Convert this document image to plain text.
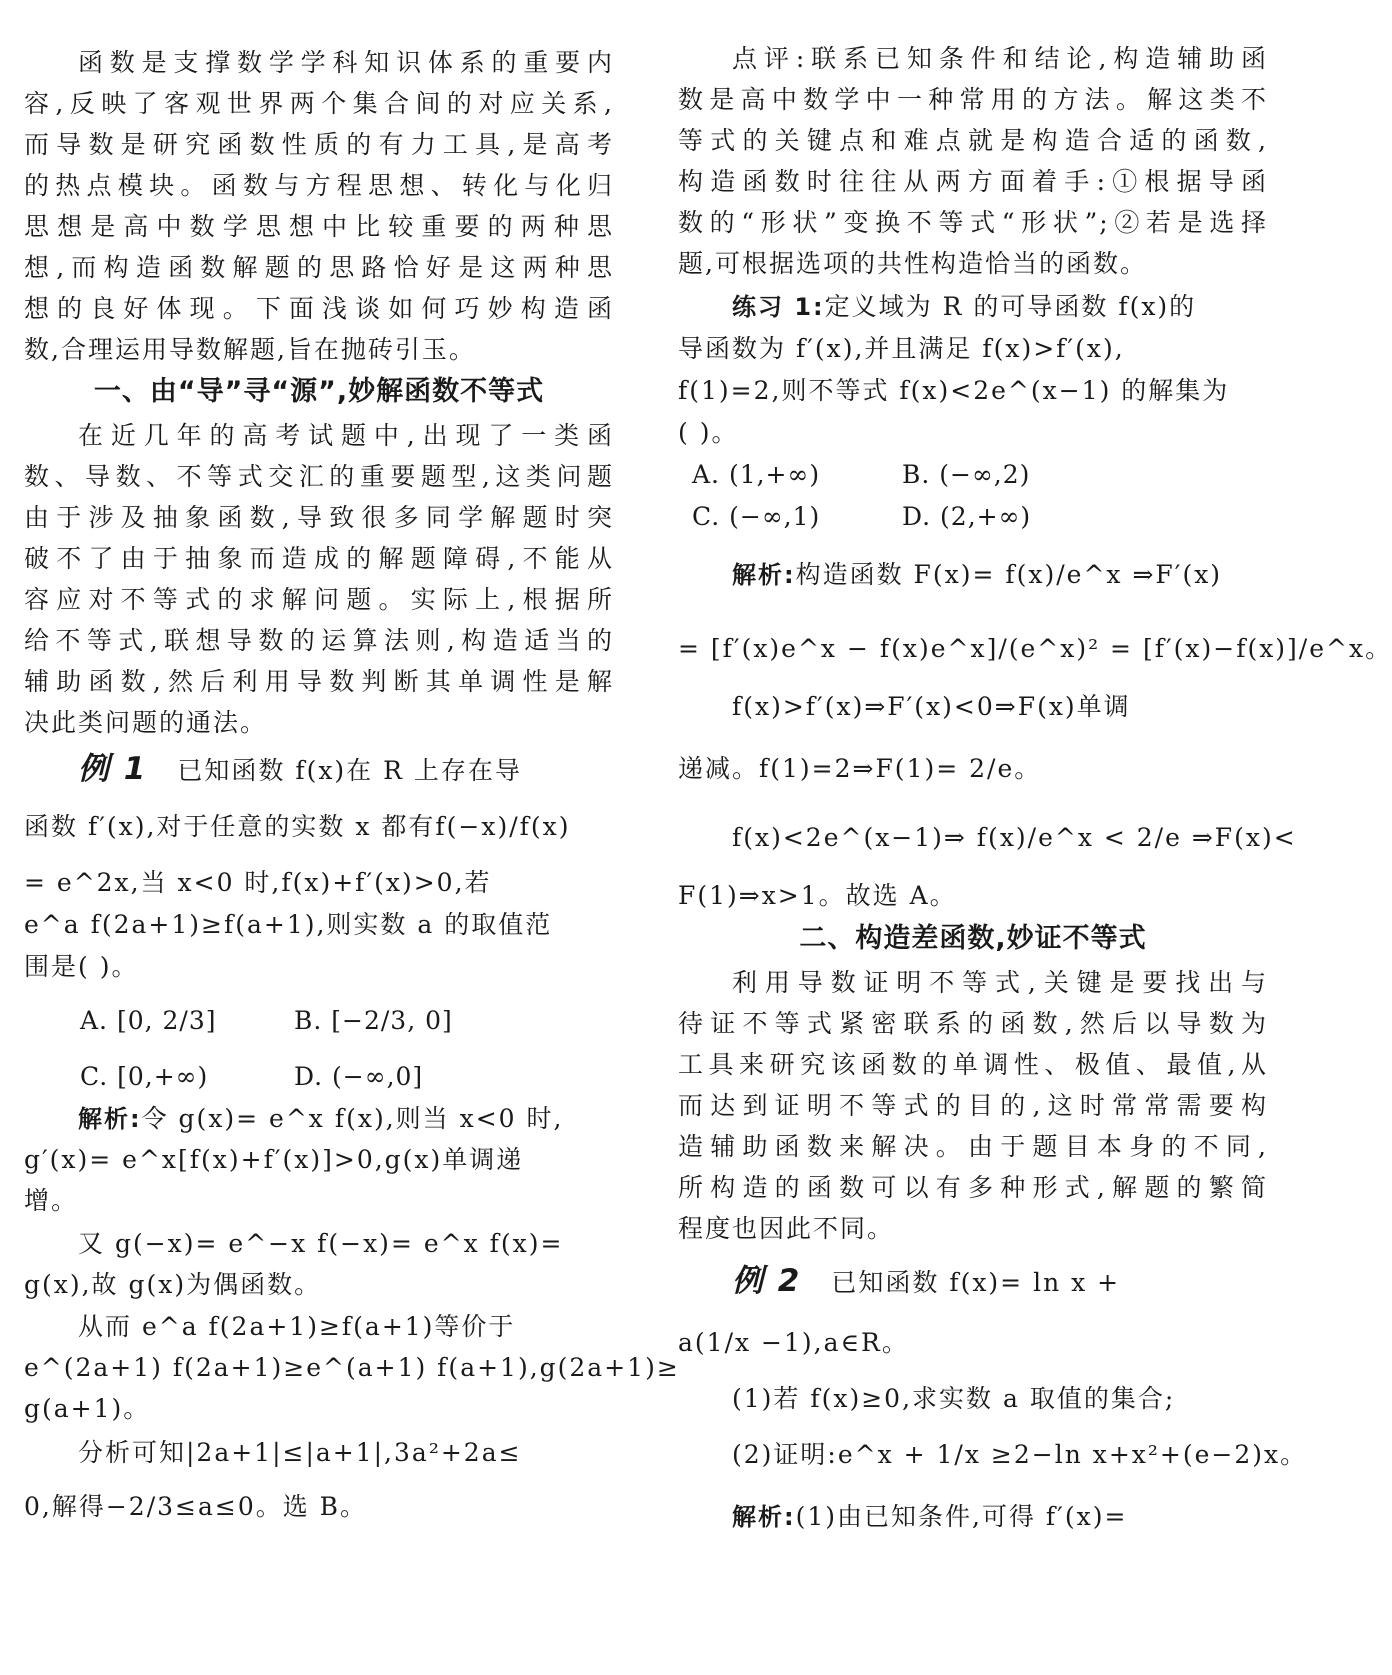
函数是支撑数学学科知识体系的重要内
容,反映了客观世界两个集合间的对应关系,
而导数是研究函数性质的有力工具,是高考
的热点模块。函数与方程思想、转化与化归
思想是高中数学思想中比较重要的两种思
想,而构造函数解题的思路恰好是这两种思
想的良好体现。下面浅谈如何巧妙构造函
数,合理运用导数解题,旨在抛砖引玉。
一、由“导”寻“源”,妙解函数不等式
在近几年的高考试题中,出现了一类函
数、导数、不等式交汇的重要题型,这类问题
由于涉及抽象函数,导致很多同学解题时突
破不了由于抽象而造成的解题障碍,不能从
容应对不等式的求解问题。实际上,根据所
给不等式,联想导数的运算法则,构造适当的
辅助函数,然后利用导数判断其单调性是解
决此类问题的通法。
例 1 已知函数 f(x)在 R 上存在导
函数 f′(x),对于任意的实数 x 都有f(−x)/f(x)
= e^2x,当 x<0 时,f(x)+f′(x)>0,若
e^a f(2a+1)≥f(a+1),则实数 a 的取值范
围是( )。
A. [0, 2/3]	B. [−2/3, 0]
C. [0,+∞)	D. (−∞,0]
解析:令 g(x)= e^x f(x),则当 x<0 时,
g′(x)= e^x[f(x)+f′(x)]>0,g(x)单调递
增。
又 g(−x)= e^−x f(−x)= e^x f(x)=
g(x),故 g(x)为偶函数。
从而 e^a f(2a+1)≥f(a+1)等价于
e^(2a+1) f(2a+1)≥e^(a+1) f(a+1),g(2a+1)≥
g(a+1)。
分析可知|2a+1|≤|a+1|,3a²+2a≤
0,解得−2/3≤a≤0。选 B。
点评:联系已知条件和结论,构造辅助函
数是高中数学中一种常用的方法。解这类不
等式的关键点和难点就是构造合适的函数,
构造函数时往往从两方面着手:①根据导函
数的“形状”变换不等式“形状”;②若是选择
题,可根据选项的共性构造恰当的函数。
练习 1:定义域为 R 的可导函数 f(x)的
导函数为 f′(x),并且满足 f(x)>f′(x),
f(1)=2,则不等式 f(x)<2e^(x−1) 的解集为
( )。
A. (1,+∞)	B. (−∞,2)
C. (−∞,1)	D. (2,+∞)
解析:构造函数 F(x)= f(x)/e^x ⇒F′(x)
= [f′(x)e^x − f(x)e^x]/(e^x)² = [f′(x)−f(x)]/e^x。
f(x)>f′(x)⇒F′(x)<0⇒F(x)单调
递减。f(1)=2⇒F(1)= 2/e。
f(x)<2e^(x−1)⇒ f(x)/e^x < 2/e ⇒F(x)<
F(1)⇒x>1。故选 A。
二、构造差函数,妙证不等式
利用导数证明不等式,关键是要找出与
待证不等式紧密联系的函数,然后以导数为
工具来研究该函数的单调性、极值、最值,从
而达到证明不等式的目的,这时常常需要构
造辅助函数来解决。由于题目本身的不同,
所构造的函数可以有多种形式,解题的繁简
程度也因此不同。
例 2 已知函数 f(x)= ln x +
a(1/x −1),a∈R。
(1)若 f(x)≥0,求实数 a 取值的集合;
(2)证明:e^x + 1/x ≥2−ln x+x²+(e−2)x。
解析:(1)由已知条件,可得 f′(x)=
